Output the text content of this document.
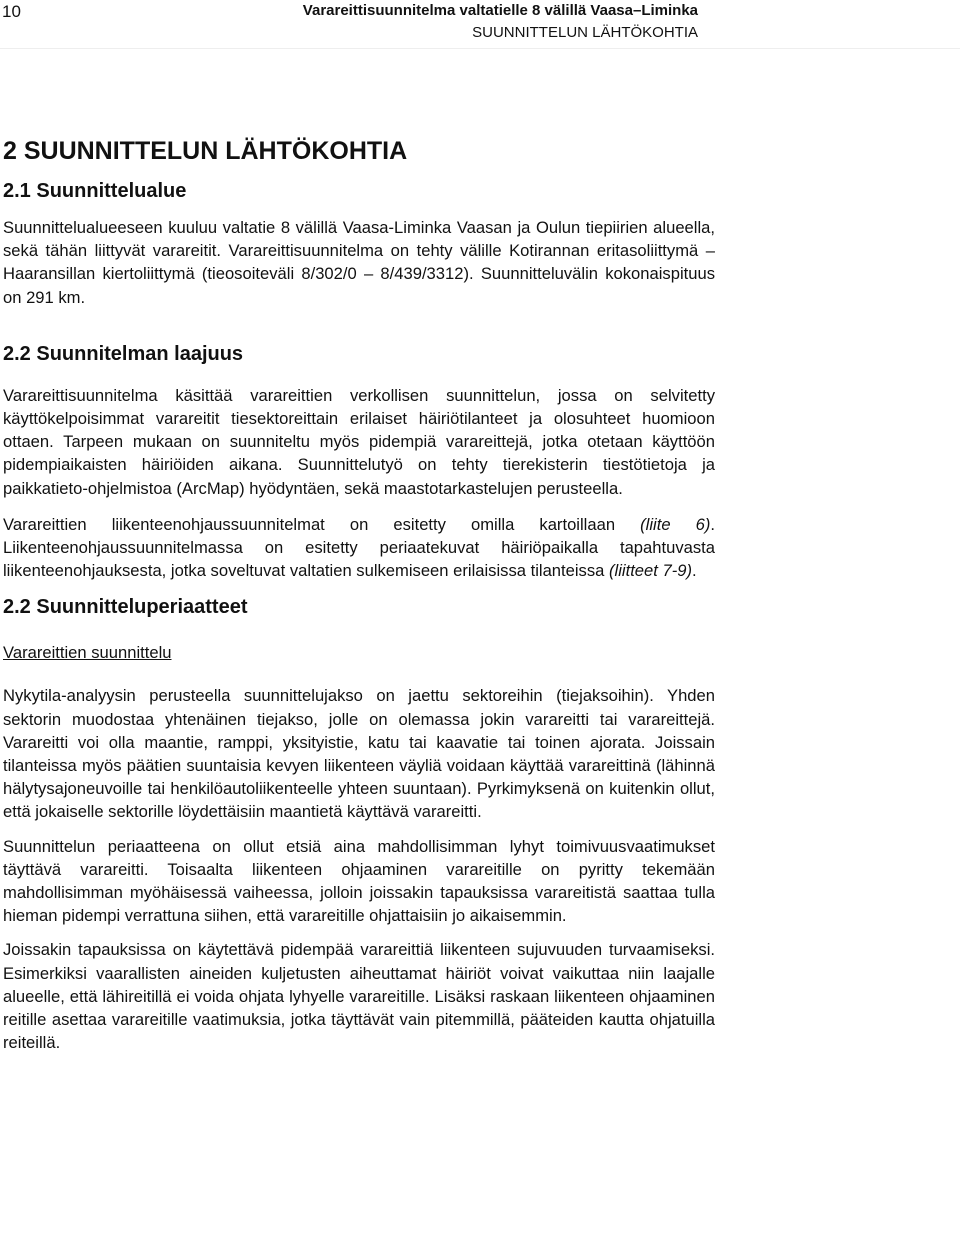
10	Varareittisuunnitelma valtatielle 8 välillä Vaasa–Liminka
SUUNNITTELUN LÄHTÖKOHTIA
2 SUUNNITTELUN LÄHTÖKOHTIA
2.1 Suunnittelualue

Suunnittelualueeseen kuuluu valtatie 8 välillä Vaasa-Liminka Vaasan ja Oulun tiepiirien alueella, sekä tähän liittyvät varareitit. Varareittisuunnitelma on tehty välille Kotirannan eritasoliittymä – Haaransillan kiertoliittymä (tieosoiteväli 8/302/0 – 8/439/3312). Suunnitteluvälin kokonaispituus on 291 km.

2.2 Suunnitelman laajuus

Varareittisuunnitelma käsittää varareittien verkollisen suunnittelun, jossa on selvitetty käyttökelpoisimmat varareitit tiesektoreittain erilaiset häiriötilanteet ja olosuhteet huomioon ottaen. Tarpeen mukaan on suunniteltu myös pidempiä varareittejä, jotka otetaan käyttöön pidempiaikaisten häiriöiden aikana. Suunnittelutyö on tehty tierekisterin tiestötietoja ja paikkatieto-ohjelmistoa (ArcMap) hyödyntäen, sekä maastotarkastelujen perusteella.

Varareittien liikenteenohjaussuunnitelmat on esitetty omilla kartoillaan (liite 6). Liikenteenohjaussuunnitelmassa on esitetty periaatekuvat häiriöpaikalla tapahtuvasta liikenteenohjauksesta, jotka soveltuvat valtatien sulkemiseen erilaisissa tilanteissa (liitteet 7-9).

2.2 Suunnitteluperiaatteet
Varareittien suunnittelu

Nykytila-analyysin perusteella suunnittelujakso on jaettu sektoreihin (tiejaksoihin). Yhden sektorin muodostaa yhtenäinen tiejakso, jolle on olemassa jokin varareitti tai varareittejä. Varareitti voi olla maantie, ramppi, yksityistie, katu tai kaavatie tai toinen ajorata. Joissain tilanteissa myös päätien suuntaisia kevyen liikenteen väyliä voidaan käyttää varareittinä (lähinnä hälytysajoneuvoille tai henkilöautoliikenteelle yhteen suuntaan). Pyrkimyksenä on kuitenkin ollut, että jokaiselle sektorille löydettäisiin maantietä käyttävä varareitti.

Suunnittelun periaatteena on ollut etsiä aina mahdollisimman lyhyt toimivuusvaatimukset täyttävä varareitti. Toisaalta liikenteen ohjaaminen varareitille on pyritty tekemään mahdollisimman myöhäisessä vaiheessa, jolloin joissakin tapauksissa varareitistä saattaa tulla hieman pidempi verrattuna siihen, että varareitille ohjattaisiin jo aikaisemmin.

Joissakin tapauksissa on käytettävä pidempää varareittiä liikenteen sujuvuuden turvaamiseksi. Esimerkiksi vaarallisten aineiden kuljetusten aiheuttamat häiriöt voivat vaikuttaa niin laajalle alueelle, että lähireitillä ei voida ohjata lyhyelle varareitille. Lisäksi raskaan liikenteen ohjaaminen reitille asettaa varareitille vaatimuksia, jotka täyttävät vain pitemmillä, pääteiden kautta ohjatuilla reiteillä.
